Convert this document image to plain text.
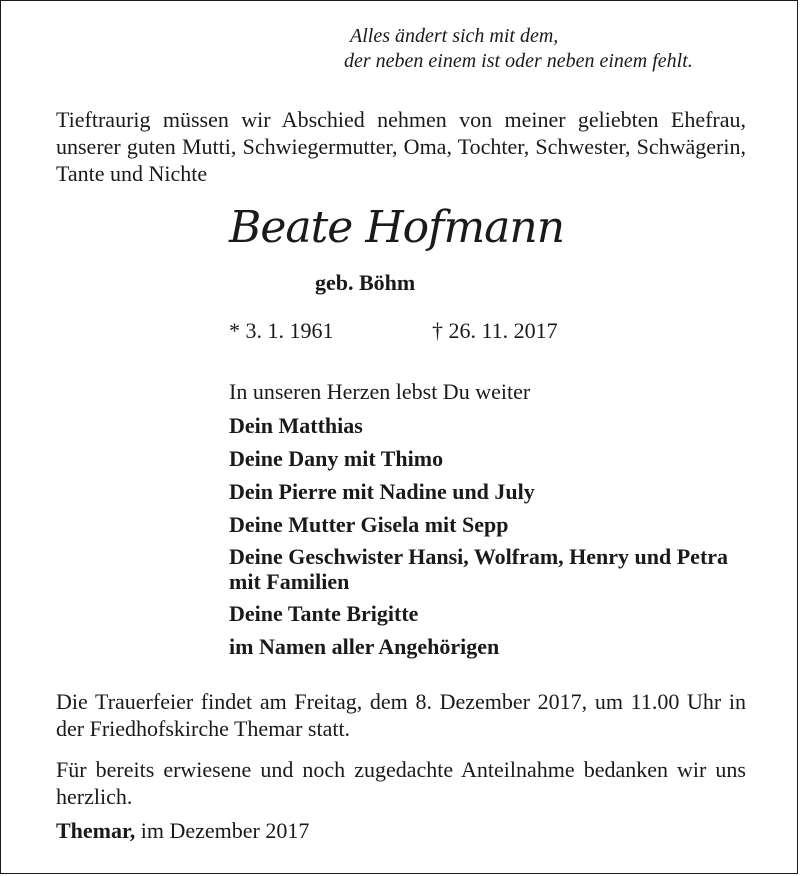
Alles ändert sich mit dem,
der neben einem ist oder neben einem fehlt.
Tieftraurig müssen wir Abschied nehmen von meiner geliebten Ehefrau, unserer guten Mutti, Schwiegermutter, Oma, Tochter, Schwester, Schwägerin, Tante und Nichte
Beate Hofmann
geb. Böhm
* 3. 1. 1961	† 26. 11. 2017
In unseren Herzen lebst Du weiter
Dein Matthias
Deine Dany mit Thimo
Dein Pierre mit Nadine und July
Deine Mutter Gisela mit Sepp
Deine Geschwister Hansi, Wolfram, Henry und Petra mit Familien
Deine Tante Brigitte
im Namen aller Angehörigen
Die Trauerfeier findet am Freitag, dem 8. Dezember 2017, um 11.00 Uhr in der Friedhofskirche Themar statt.
Für bereits erwiesene und noch zugedachte Anteilnahme bedanken wir uns herzlich.
Themar, im Dezember 2017
